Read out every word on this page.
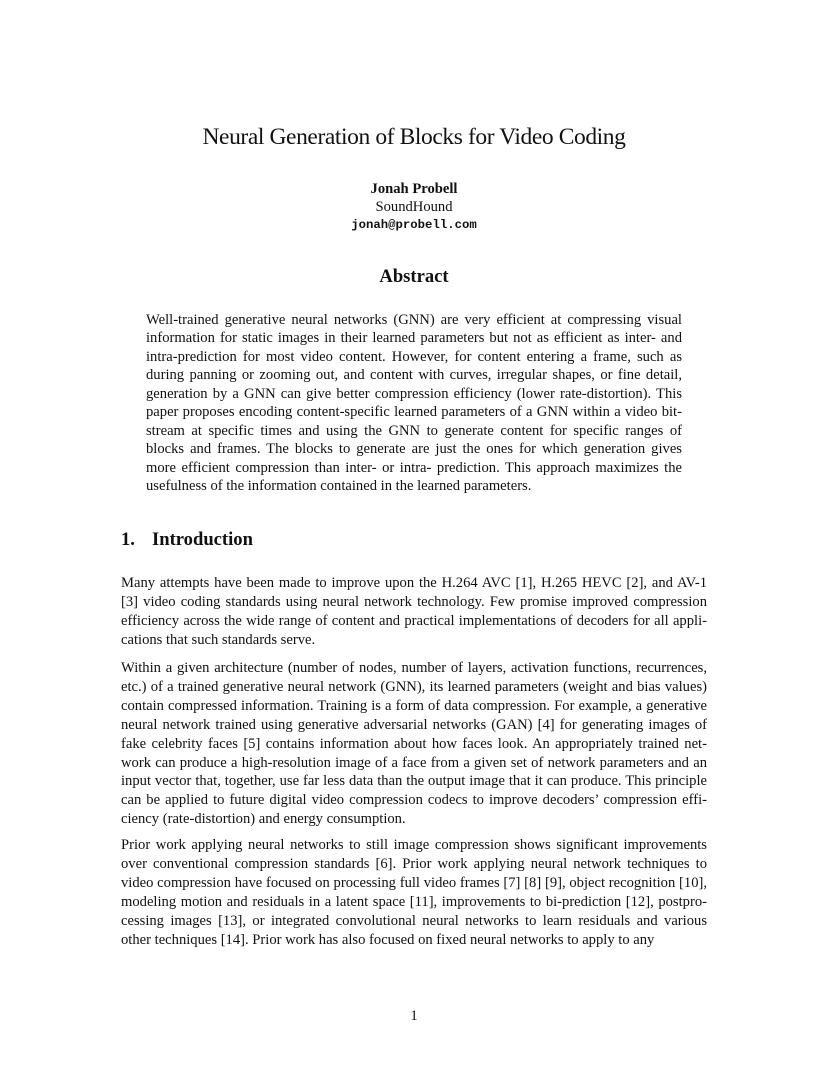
Neural Generation of Blocks for Video Coding
Jonah Probell
SoundHound
jonah@probell.com
Abstract
Well-trained generative neural networks (GNN) are very efficient at compressing visual information for static images in their learned parameters but not as efficient as inter- and intra-prediction for most video content. However, for content entering a frame, such as during panning or zooming out, and content with curves, irregular shapes, or fine detail, generation by a GNN can give better compression efficiency (lower rate-distortion). This paper proposes encoding content-specific learned parameters of a GNN within a video bitstream at specific times and using the GNN to generate content for specific ranges of blocks and frames. The blocks to generate are just the ones for which generation gives more efficient compression than inter- or intra- prediction. This approach maximizes the usefulness of the information contained in the learned parameters.
1. Introduction
Many attempts have been made to improve upon the H.264 AVC [1], H.265 HEVC [2], and AV-1 [3] video coding standards using neural network technology. Few promise improved compression efficiency across the wide range of content and practical implementations of decoders for all applications that such standards serve.
Within a given architecture (number of nodes, number of layers, activation functions, recurrences, etc.) of a trained generative neural network (GNN), its learned parameters (weight and bias values) contain compressed information. Training is a form of data compression. For example, a generative neural network trained using generative adversarial networks (GAN) [4] for generating images of fake celebrity faces [5] contains information about how faces look. An appropriately trained network can produce a high-resolution image of a face from a given set of network parameters and an input vector that, together, use far less data than the output image that it can produce. This principle can be applied to future digital video compression codecs to improve decoders’ compression efficiency (rate-distortion) and energy consumption.
Prior work applying neural networks to still image compression shows significant improvements over conventional compression standards [6]. Prior work applying neural network techniques to video compression have focused on processing full video frames [7] [8] [9], object recognition [10], modeling motion and residuals in a latent space [11], improvements to bi-prediction [12], postprocessing images [13], or integrated convolutional neural networks to learn residuals and various other techniques [14]. Prior work has also focused on fixed neural networks to apply to any
1
